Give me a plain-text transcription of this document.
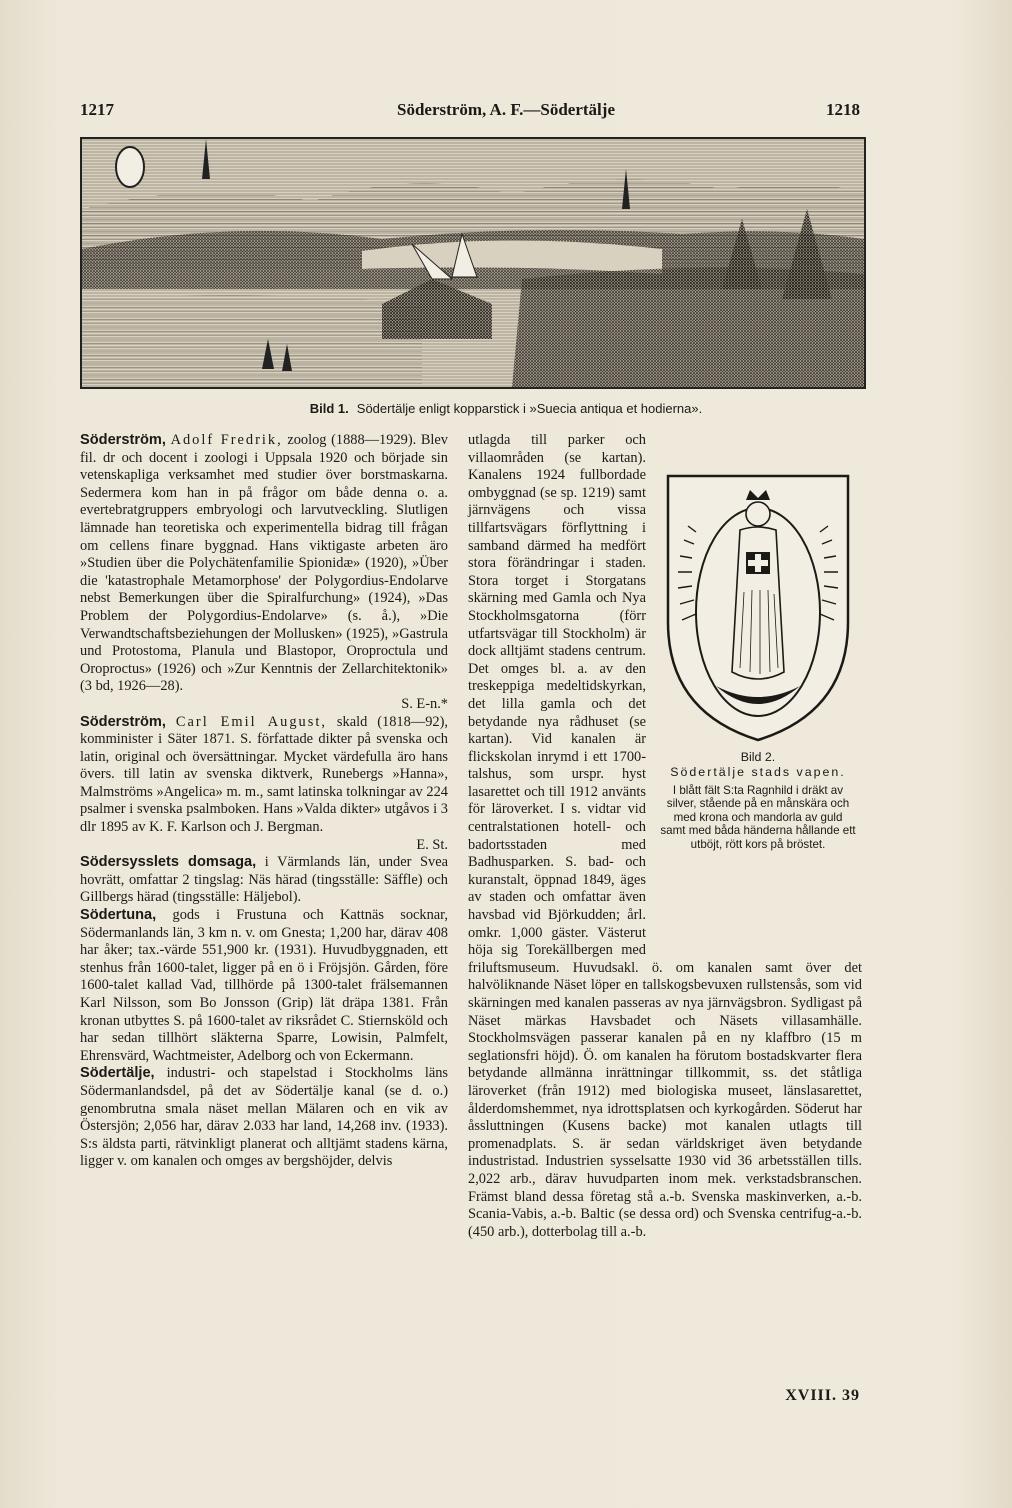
1217	Söderström, A. F.—Södertälje	1218
Bild 1. Södertälje enligt kopparstick i »Suecia antiqua et hodierna».

Söderström, Adolf Fredrik, zoolog (1888—1929). Blev fil. dr och docent i zoologi i Uppsala 1920 och började sin vetenskapliga verksamhet med studier över borstmaskarna. Sedermera kom han in på frågor om både denna o. a. evertebratgruppers embryologi och larvutveckling. Slutligen lämnade han teoretiska och experimentella bidrag till frågan om cellens finare byggnad. Hans viktigaste arbeten äro »Studien über die Polychätenfamilie Spionidæ» (1920), »Über die 'katastrophale Metamorphose' der Polygordius-Endolarve nebst Bemerkungen über die Spiralfurchung» (1924), »Das Problem der Polygordius-Endolarve» (s. å.), »Die Verwandtschaftsbeziehungen der Mollusken» (1925), »Gastrula und Protostoma, Planula und Blastopor, Oroproctula und Oroproctus» (1926) och »Zur Kenntnis der Zellarchitektonik» (3 bd, 1926—28).
S. E-n.*

Söderström, Carl Emil August, skald (1818—92), komminister i Säter 1871. S. författade dikter på svenska och latin, original och översättningar. Mycket värdefulla äro hans övers. till latin av svenska diktverk, Runebergs »Hanna», Malmströms »Angelica» m. m., samt latinska tolkningar av 224 psalmer i svenska psalmboken. Hans »Valda dikter» utgåvos i 3 dlr 1895 av K. F. Karlson och J. Bergman.
E. St.

Södersysslets domsaga, i Värmlands län, under Svea hovrätt, omfattar 2 tingslag: Näs härad (tingsställe: Säffle) och Gillbergs härad (tingsställe: Häljebol).

Södertuna, gods i Frustuna och Kattnäs socknar, Södermanlands län, 3 km n. v. om Gnesta; 1,200 har, därav 408 har åker; tax.-värde 551,900 kr. (1931). Huvudbyggnaden, ett stenhus från 1600-talet, ligger på en ö i Fröjsjön. Gården, före 1600-talet kallad Vad, tillhörde på 1300-talet frälsemannen Karl Nilsson, som Bo Jonsson (Grip) lät dräpa 1381. Från kronan utbyttes S. på 1600-talet av riksrådet C. Stiernsköld och har sedan tillhört släkterna Sparre, Lowisin, Palmfelt, Ehrensvärd, Wachtmeister, Adelborg och von Eckermann.

Södertälje, industri- och stapelstad i Stockholms läns Södermanlandsdel, på det av Södertälje kanal (se d. o.) genombrutna smala näset mellan Mälaren och en vik av Östersjön; 2,056 har, därav 2.033 har land, 14,268 inv. (1933). S:s äldsta parti, rätvinkligt planerat och alltjämt stadens kärna, ligger v. om kanalen och omges av bergshöjder, delvis

Bild 2.
Södertälje stads vapen.
I blått fält S:ta Ragnhild i dräkt av silver, stående på en månskära och med krona och mandorla av guld samt med båda händerna hållande ett utböjt, rött kors på bröstet.

utlagda till parker och villaområden (se kartan). Kanalens 1924 fullbordade ombyggnad (se sp. 1219) samt järnvägens och vissa tillfartsvägars förflyttning i samband därmed ha medfört stora förändringar i staden. Stora torget i Storgatans skärning med Gamla och Nya Stockholmsgatorna (förr utfartsvägar till Stockholm) är dock alltjämt stadens centrum. Det omges bl. a. av den treskeppiga medeltidskyrkan, det lilla gamla och det betydande nya rådhuset (se kartan). Vid kanalen är flickskolan inrymd i ett 1700-talshus, som urspr. hyst lasarettet och till 1912 använts för läroverket. I s. vidtar vid centralstationen hotell- och badortsstaden med Badhusparken. S. bad- och kuranstalt, öppnad 1849, äges av staden och omfattar även havsbad vid Björkudden; årl. omkr. 1,000 gäster. Västerut höja sig Torekällbergen med friluftsmuseum. Huvudsakl. ö. om kanalen samt över det halvöliknande Näset löper en tallskogsbevuxen rullstensås, som vid skärningen med kanalen passeras av nya järnvägsbron. Sydligast på Näset märkas Havsbadet och Näsets villasamhälle. Stockholmsvägen passerar kanalen på en ny klaffbro (15 m seglationsfri höjd). Ö. om kanalen ha förutom bostadskvarter flera betydande allmänna inrättningar tillkommit, ss. det ståtliga läroverket (från 1912) med biologiska museet, länslasarettet, ålderdomshemmet, nya idrottsplatsen och kyrkogården. Söderut har åssluttningen (Kusens backe) mot kanalen utlagts till promenadplats. S. är sedan världskriget även betydande industristad. Industrien sysselsatte 1930 vid 36 arbetsställen tills. 2,022 arb., därav huvudparten inom mek. verkstadsbranschen. Främst bland dessa företag stå a.-b. Svenska maskinverken, a.-b. Scania-Vabis, a.-b. Baltic (se dessa ord) och Svenska centrifug-a.-b. (450 arb.), dotterbolag till a.-b.

XVIII. 39
